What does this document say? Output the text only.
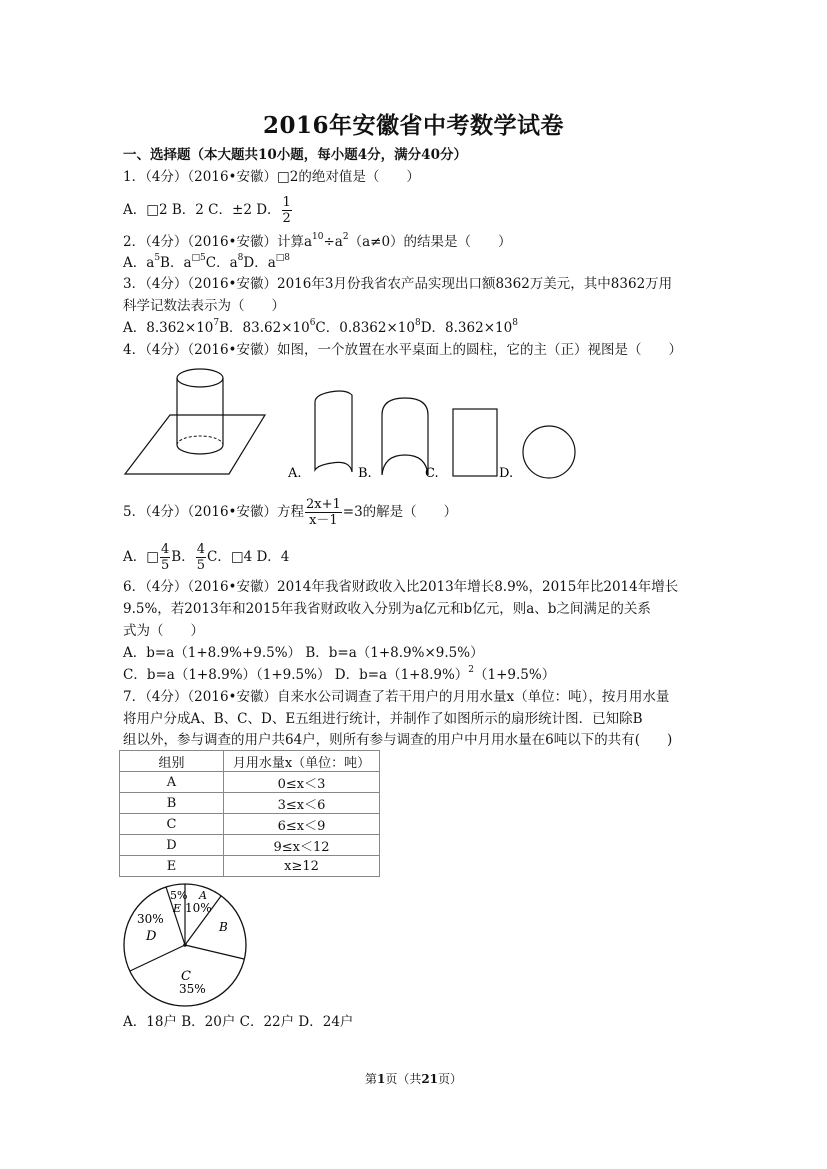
2016年安徽省中考数学试卷
一、选择题（本大题共10小题，每小题4分，满分40分）
1．（4分）（2016•安徽）□2的绝对值是（　　）
A．□2 B．2 C．±2 D． $\frac{1}{2}$
2．（4分）（2016•安徽）计算$a^{10}\div a^2(a\ne 0)$的结果是（　　）
A．$a^5B$．$a^{□5}C$．$a^8D$．$a^{□8}$
3．（4分）（2016•安徽）2016年3月份我省农产品实现出口额8362万美元，其中8362万用
科学记数法表示为（　　）
A．$8.362\times 10^7B$．$83.62\times 10^6C$．$0.8362\times 10^8D$．$8.362\times 10^8$
4．（4分）（2016•安徽）如图，一个放置在水平桌面上的圆柱，它的主（正）视图是（　　）
A.	B.	C.	D.
5．（4分）（2016•安徽）方程 $\frac{2x+1}{x-1} =3$的解是（　　）
A．□ $\frac{4}{5}$ B． $\frac{4}{5}$ C．□4 D．4
6．（4分）（2016•安徽）2014年我省财政收入比2013年增长8.9%，2015年比2014年增长
9.5%，若2013年和2015年我省财政收入分别为a亿元和b亿元，则a、b之间满足的关系
式为（　　）
A．b=a（1+8.9%+9.5%） B．b=a（1+8.9%×9.5%）
C．b=a（1+8.9%）（1+9.5%） D．$b=a(1+8.9\%)^2(1+9.5\%)$
7．（4分）（2016•安徽）自来水公司调查了若干用户的月用水量x（单位：吨），按月用水量
将用户分成A、B、C、D、E五组进行统计，并制作了如图所示的扇形统计图．已知除B
组以外，参与调查的用户共64户，则所有参与调查的用户中月用水量在6吨以下的共有(　　)
组别	月用水量x（单位：吨）
A	0≤x＜3
B	3≤x＜6
C	6≤x＜9
D	9≤x＜12
E	x≥12
5%
E
A
10%
B
C
35%
30%
D
A．18户 B．20户 C．22户 D．24户
第1页（共21页）
